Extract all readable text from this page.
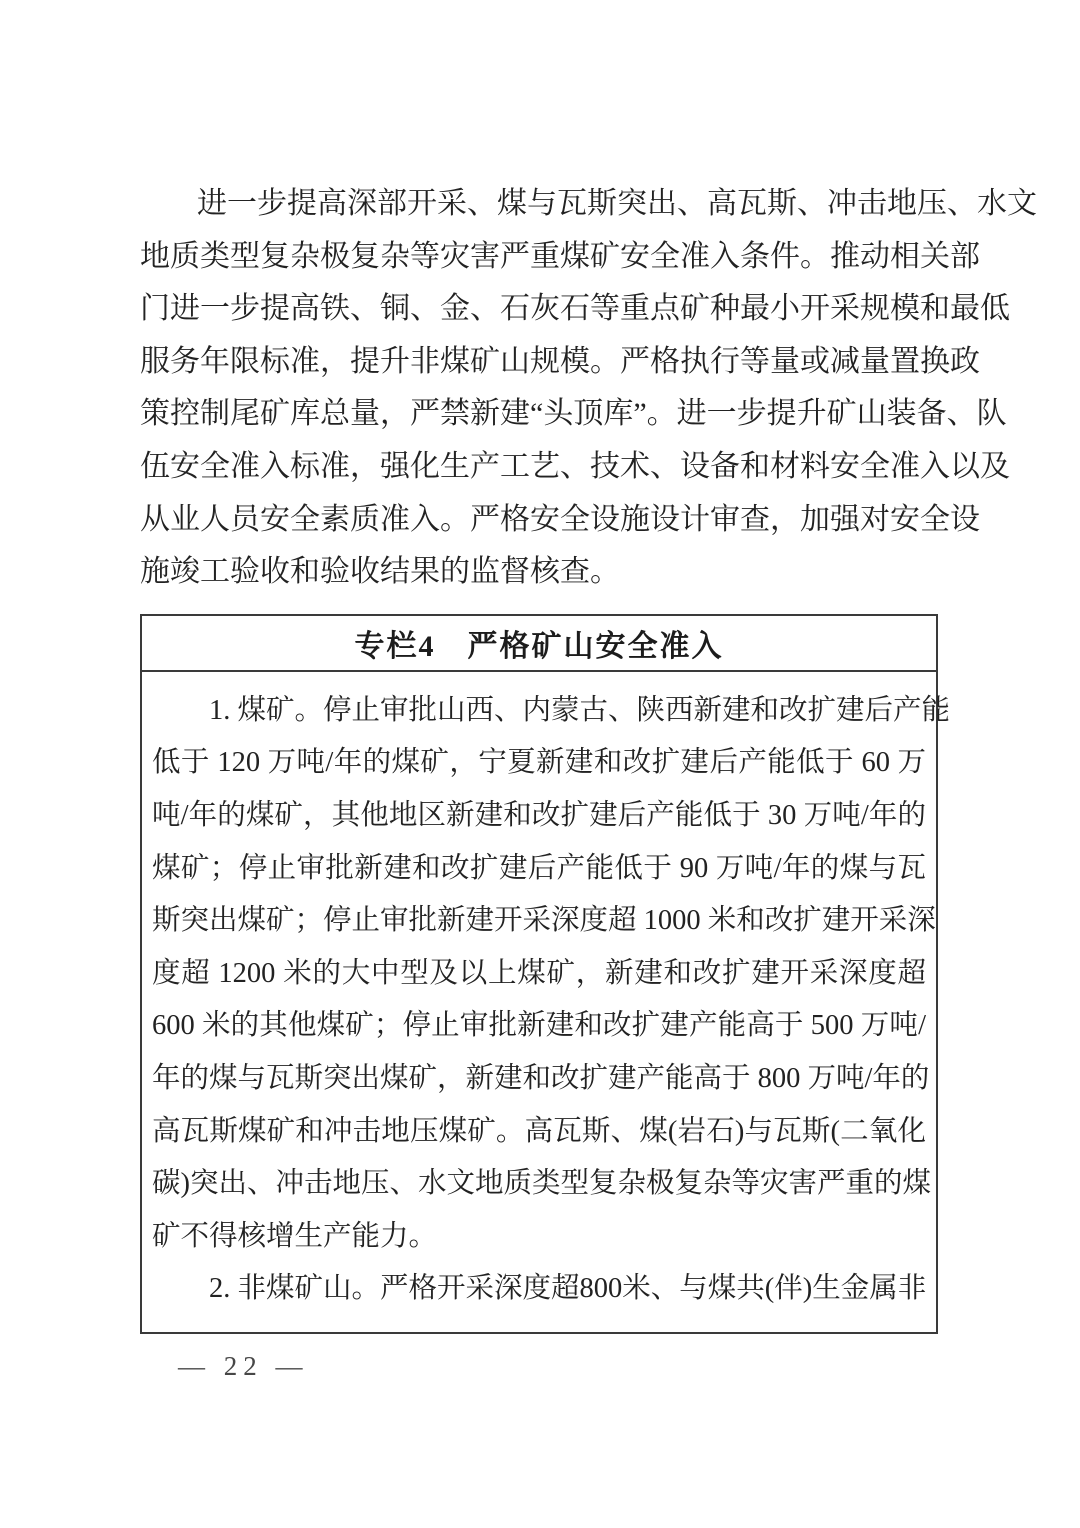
进一步提高深部开采、煤与瓦斯突出、高瓦斯、冲击地压、水文
地质类型复杂极复杂等灾害严重煤矿安全准入条件。推动相关部
门进一步提高铁、铜、金、石灰石等重点矿种最小开采规模和最低
服务年限标准，提升非煤矿山规模。严格执行等量或减量置换政
策控制尾矿库总量，严禁新建“头顶库”。进一步提升矿山装备、队
伍安全准入标准，强化生产工艺、技术、设备和材料安全准入以及
从业人员安全素质准入。严格安全设施设计审查，加强对安全设
施竣工验收和验收结果的监督核查。
专栏4　严格矿山安全准入
1. 煤矿。停止审批山西、内蒙古、陕西新建和改扩建后产能
低于 120 万吨/年的煤矿，宁夏新建和改扩建后产能低于 60 万
吨/年的煤矿，其他地区新建和改扩建后产能低于 30 万吨/年的
煤矿；停止审批新建和改扩建后产能低于 90 万吨/年的煤与瓦
斯突出煤矿；停止审批新建开采深度超 1000 米和改扩建开采深
度超 1200 米的大中型及以上煤矿，新建和改扩建开采深度超
600 米的其他煤矿；停止审批新建和改扩建产能高于 500 万吨/
年的煤与瓦斯突出煤矿，新建和改扩建产能高于 800 万吨/年的
高瓦斯煤矿和冲击地压煤矿。高瓦斯、煤(岩石)与瓦斯(二氧化
碳)突出、冲击地压、水文地质类型复杂极复杂等灾害严重的煤
矿不得核增生产能力。
2. 非煤矿山。严格开采深度超800米、与煤共(伴)生金属非
— 22 —
